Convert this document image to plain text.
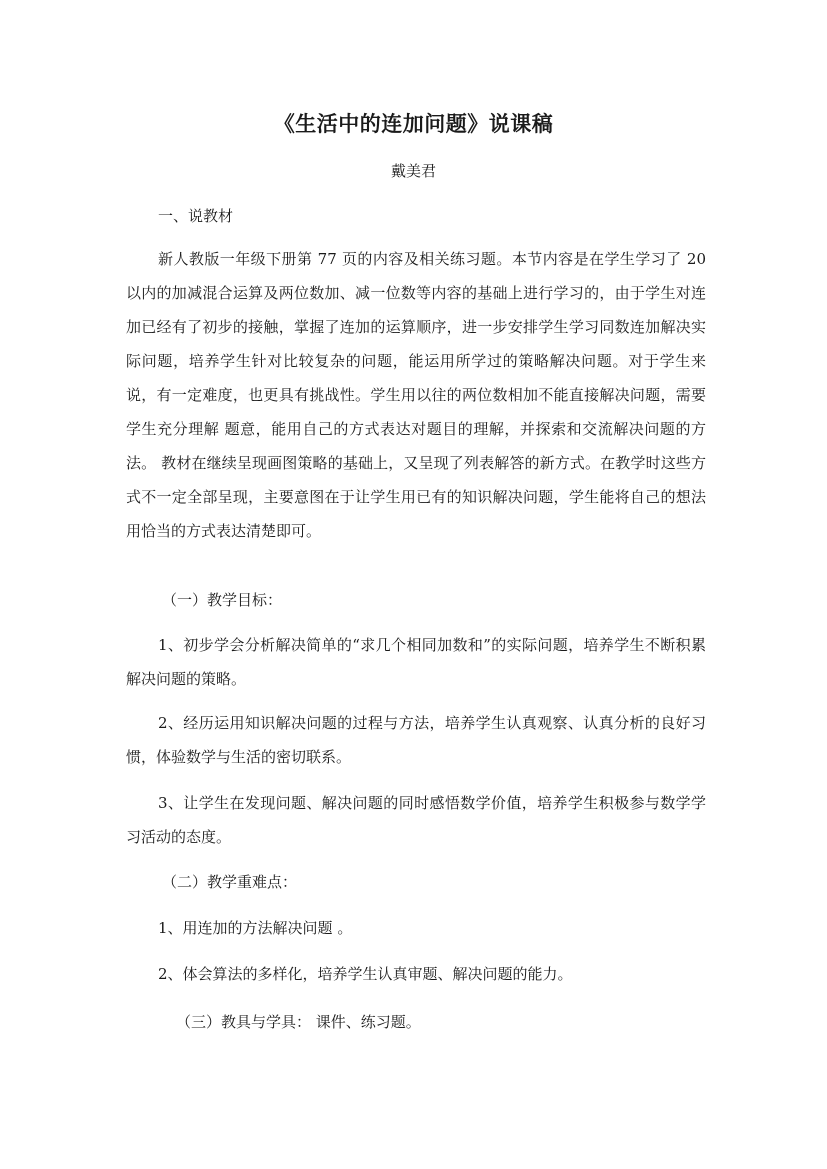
《生活中的连加问题》说课稿
戴美君
一、说教材

新人教版一年级下册第 77 页的内容及相关练习题。本节内容是在学生学习了 20 以内的加减混合运算及两位数加、减一位数等内容的基础上进行学习的，由于学生对连加已经有了初步的接触，掌握了连加的运算顺序，进一步安排学生学习同数连加解决实际问题，培养学生针对比较复杂的问题，能运用所学过的策略解决问题。对于学生来说，有一定难度，也更具有挑战性。学生用以往的两位数相加不能直接解决问题，需要学生充分理解 题意，能用自己的方式表达对题目的理解，并探索和交流解决问题的方法。 教材在继续呈现画图策略的基础上，又呈现了列表解答的新方式。在教学时这些方式不一定全部呈现，主要意图在于让学生用已有的知识解决问题，学生能将自己的想法用恰当的方式表达清楚即可。

（一）教学目标：

1、初步学会分析解决简单的“求几个相同加数和”的实际问题，培养学生不断积累解决问题的策略。

2、经历运用知识解决问题的过程与方法，培养学生认真观察、认真分析的良好习惯，体验数学与生活的密切联系。

3、让学生在发现问题、解决问题的同时感悟数学价值，培养学生积极参与数学学习活动的态度。

（二）教学重难点：
1、用连加的方法解决问题 。
2、体会算法的多样化，培养学生认真审题、解决问题的能力。
（三）教具与学具： 课件、练习题。
